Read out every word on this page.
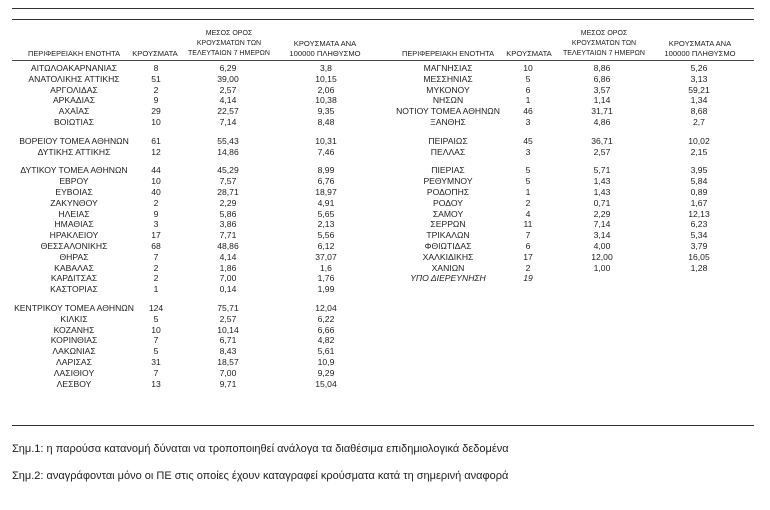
ΠΕΡΙΦΕΡΕΙΑΚΗ ΕΝΟΤΗΤΑ	ΚΡΟΥΣΜΑΤΑ
ΜΕΣΟΣ ΟΡΟΣ ΚΡΟΥΣΜΑΤΩΝ ΤΩΝ ΤΕΛΕΥΤΑΙΩΝ 7 ΗΜΕΡΩΝ
ΚΡΟΥΣΜΑΤΑ ΑΝΑ 100000 ΠΛΗΘΥΣΜΟ	ΠΕΡΙΦΕΡΕΙΑΚΗ ΕΝΟΤΗΤΑ	ΚΡΟΥΣΜΑΤΑ
ΜΕΣΟΣ ΟΡΟΣ ΚΡΟΥΣΜΑΤΩΝ ΤΩΝ ΤΕΛΕΥΤΑΙΩΝ 7 ΗΜΕΡΩΝ
ΚΡΟΥΣΜΑΤΑ ΑΝΑ 100000 ΠΛΗΘΥΣΜΟ
ΑΙΤΩΛΟΑΚΑΡΝΑΝΙΑΣ	8	6,29	3,8
ΑΝΑΤΟΛΙΚΗΣ ΑΤΤΙΚΗΣ	51	39,00	10,15
ΑΡΓΟΛΙΔΑΣ	2	2,57	2,06
ΑΡΚΑΔΙΑΣ	9	4,14	10,38
ΑΧΑΪΑΣ	29	22,57	9,35
ΒΟΙΩΤΙΑΣ	10	7,14	8,48
ΒΟΡΕΙΟΥ ΤΟΜΕΑ ΑΘΗΝΩΝ	61	55,43	10,31
ΔΥΤΙΚΗΣ ΑΤΤΙΚΗΣ	12	14,86	7,46
ΔΥΤΙΚΟΥ ΤΟΜΕΑ ΑΘΗΝΩΝ	44	45,29	8,99
ΕΒΡΟΥ	10	7,57	6,76
ΕΥΒΟΙΑΣ	40	28,71	18,97
ΖΑΚΥΝΘΟΥ	2	2,29	4,91
ΗΛΕΙΑΣ	9	5,86	5,65
ΗΜΑΘΙΑΣ	3	3,86	2,13
ΗΡΑΚΛΕΙΟΥ	17	7,71	5,56
ΘΕΣΣΑΛΟΝΙΚΗΣ	68	48,86	6,12
ΘΗΡΑΣ	7	4,14	37,07
ΚΑΒΑΛΑΣ	2	1,86	1,6
ΚΑΡΔΙΤΣΑΣ	2	7,00	1,76
ΚΑΣΤΟΡΙΑΣ	1	0,14	1,99
ΚΕΝΤΡΙΚΟΥ ΤΟΜΕΑ ΑΘΗΝΩΝ	124	75,71	12,04
ΚΙΛΚΙΣ	5	2,57	6,22
ΚΟΖΑΝΗΣ	10	10,14	6,66
ΚΟΡΙΝΘΙΑΣ	7	6,71	4,82
ΛΑΚΩΝΙΑΣ	5	8,43	5,61
ΛΑΡΙΣΑΣ	31	18,57	10,9
ΛΑΣΙΘΙΟΥ	7	7,00	9,29
ΛΕΣΒΟΥ	13	9,71	15,04
ΜΑΓΝΗΣΙΑΣ	10	8,86	5,26
ΜΕΣΣΗΝΙΑΣ	5	6,86	3,13
ΜΥΚΟΝΟΥ	6	3,57	59,21
ΝΗΣΩΝ	1	1,14	1,34
ΝΟΤΙΟΥ ΤΟΜΕΑ ΑΘΗΝΩΝ	46	31,71	8,68
ΞΑΝΘΗΣ	3	4,86	2,7
ΠΕΙΡΑΙΩΣ	45	36,71	10,02
ΠΕΛΛΑΣ	3	2,57	2,15
ΠΙΕΡΙΑΣ	5	5,71	3,95
ΡΕΘΥΜΝΟΥ	5	1,43	5,84
ΡΟΔΟΠΗΣ	1	1,43	0,89
ΡΟΔΟΥ	2	0,71	1,67
ΣΑΜΟΥ	4	2,29	12,13
ΣΕΡΡΩΝ	11	7,14	6,23
ΤΡΙΚΑΛΩΝ	7	3,14	5,34
ΦΘΙΩΤΙΔΑΣ	6	4,00	3,79
ΧΑΛΚΙΔΙΚΗΣ	17	12,00	16,05
ΧΑΝΙΩΝ	2	1,00	1,28
ΥΠΟ ΔΙΕΡΕΥΝΗΣΗ	19
Σημ.1: η παρούσα κατανομή δύναται να τροποποιηθεί ανάλογα τα διαθέσιμα επιδημιολογικά δεδομένα
Σημ.2: αναγράφονται μόνο οι ΠΕ στις οποίες έχουν καταγραφεί κρούσματα κατά τη σημερινή αναφορά
